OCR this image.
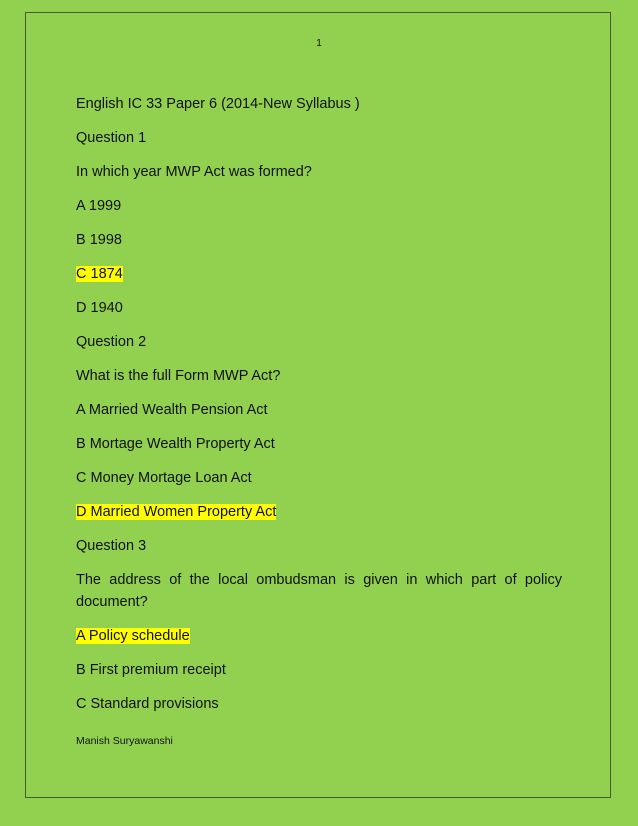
1
English IC 33 Paper 6 (2014-New Syllabus )
Question 1
In which year MWP Act was formed?
A 1999
B 1998
C 1874
D 1940
Question 2
What is the full Form MWP Act?
A Married Wealth Pension Act
B Mortage Wealth Property Act
C Money Mortage Loan Act
D Married Women Property Act
Question 3
The address of the local ombudsman is given in which part of policy
document?
A Policy schedule
B First premium receipt
C Standard provisions
Manish Suryawanshi
